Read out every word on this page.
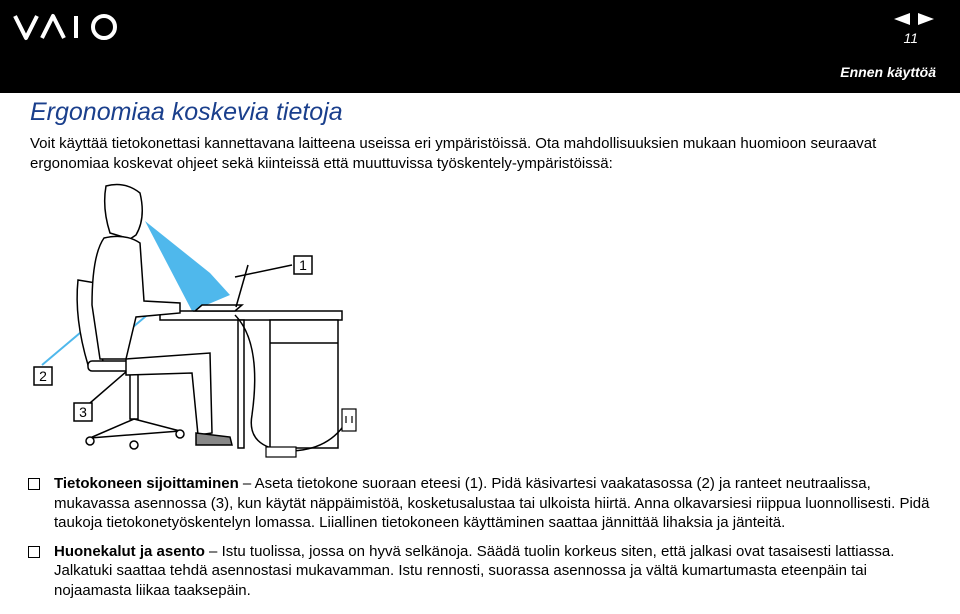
11
Ennen käyttöä
Ergonomiaa koskevia tietoja

Voit käyttää tietokonettasi kannettavana laitteena useissa eri ympäristöissä. Ota mahdollisuuksien mukaan huomioon seuraavat ergonomiaa koskevat ohjeet sekä kiinteissä että muuttuvissa työskentely-ympäristöissä:

1
2
3
Tietokoneen sijoittaminen – Aseta tietokone suoraan eteesi (1). Pidä käsivartesi vaakatasossa (2) ja ranteet neutraalissa, mukavassa asennossa (3), kun käytät näppäimistöä, kosketusalustaa tai ulkoista hiirtä. Anna olkavarsiesi riippua luonnollisesti. Pidä taukoja tietokonetyöskentelyn lomassa. Liiallinen tietokoneen käyttäminen saattaa jännittää lihaksia ja jänteitä.
Huonekalut ja asento – Istu tuolissa, jossa on hyvä selkänoja. Säädä tuolin korkeus siten, että jalkasi ovat tasaisesti lattiassa. Jalkatuki saattaa tehdä asennostasi mukavamman. Istu rennosti, suorassa asennossa ja vältä kumartumasta eteenpäin tai nojaamasta liikaa taaksepäin.
